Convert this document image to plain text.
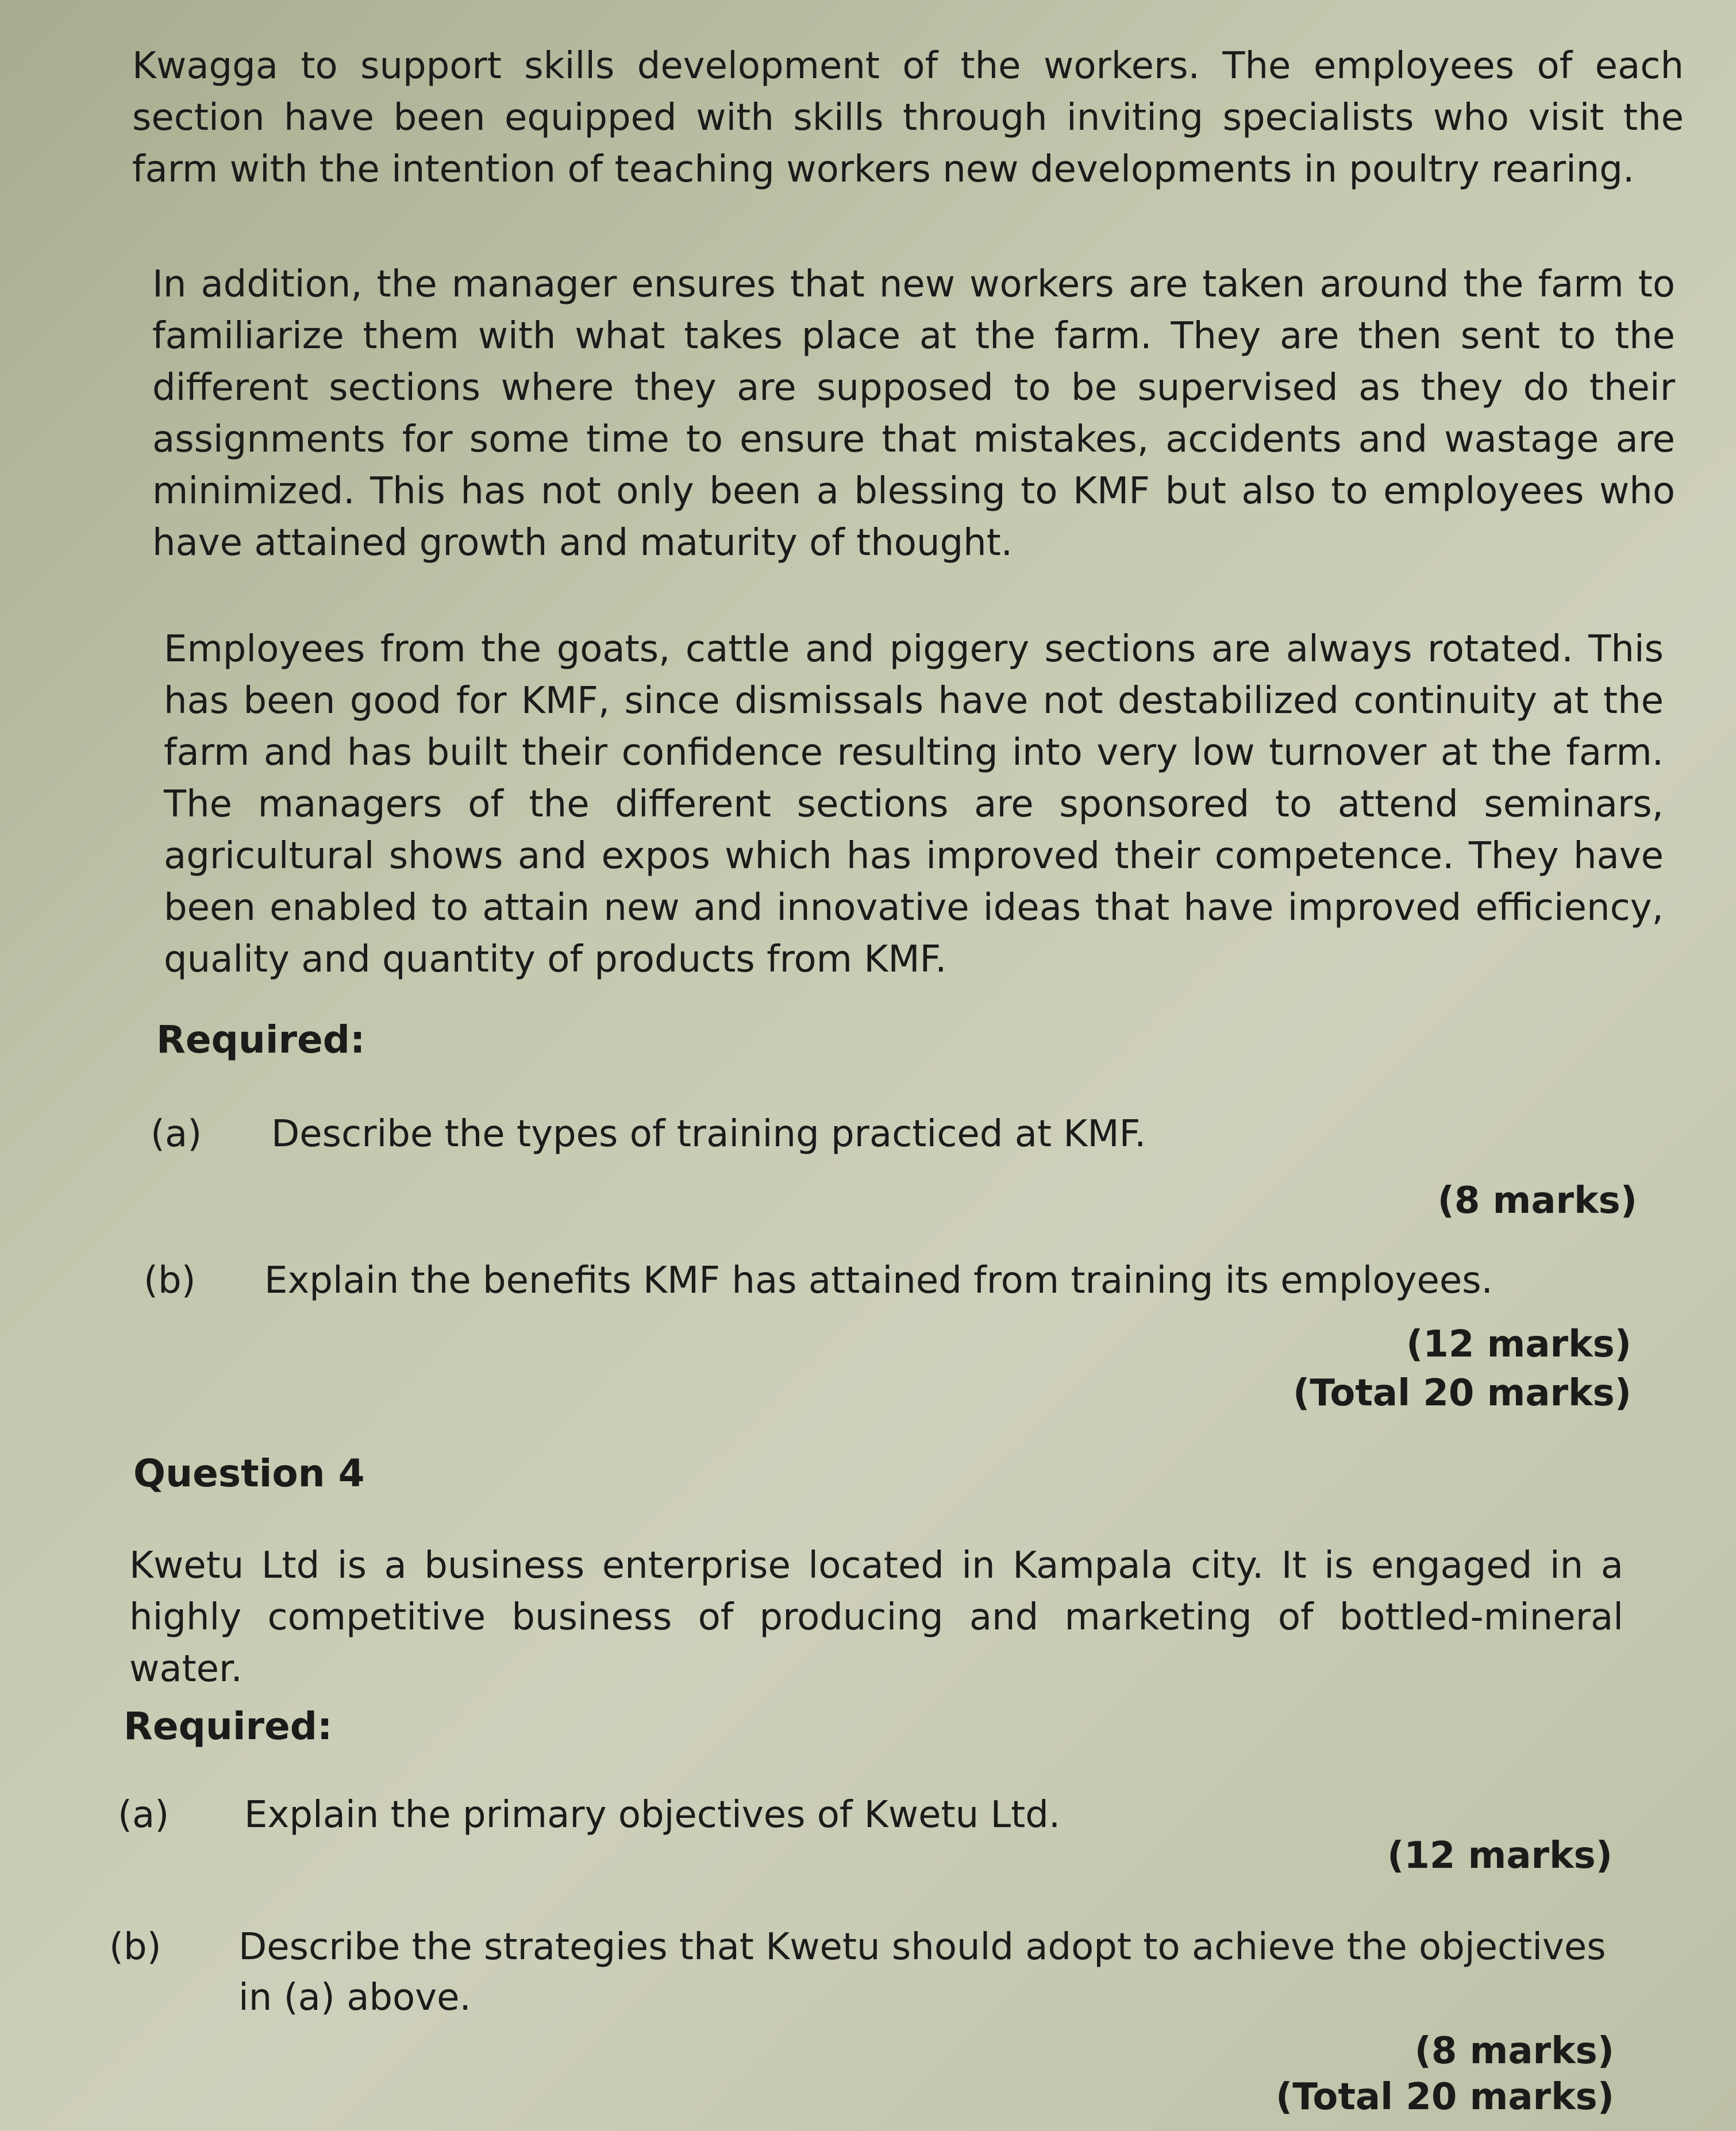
Kwagga to support skills development of the workers. The employees of each section have been equipped with skills through inviting specialists who visit the farm with the intention of teaching workers new developments in poultry rearing.

In addition, the manager ensures that new workers are taken around the farm to familiarize them with what takes place at the farm. They are then sent to the different sections where they are supposed to be supervised as they do their assignments for some time to ensure that mistakes, accidents and wastage are minimized. This has not only been a blessing to KMF but also to employees who have attained growth and maturity of thought.

Employees from the goats, cattle and piggery sections are always rotated. This has been good for KMF, since dismissals have not destabilized continuity at the farm and has built their confidence resulting into very low turnover at the farm. The managers of the different sections are sponsored to attend seminars, agricultural shows and expos which has improved their competence. They have been enabled to attain new and innovative ideas that have improved efficiency, quality and quantity of products from KMF.

Required:
(a) Describe the types of training practiced at KMF.
(8 marks)
(b) Explain the benefits KMF has attained from training its employees.
(12 marks)
(Total 20 marks)
Question 4

Kwetu Ltd is a business enterprise located in Kampala city. It is engaged in a highly competitive business of producing and marketing of bottled-mineral water.

Required:
(a) Explain the primary objectives of Kwetu Ltd.
(12 marks)
(b) Describe the strategies that Kwetu should adopt to achieve the objectives in (a) above.
(8 marks)
(Total 20 marks)
